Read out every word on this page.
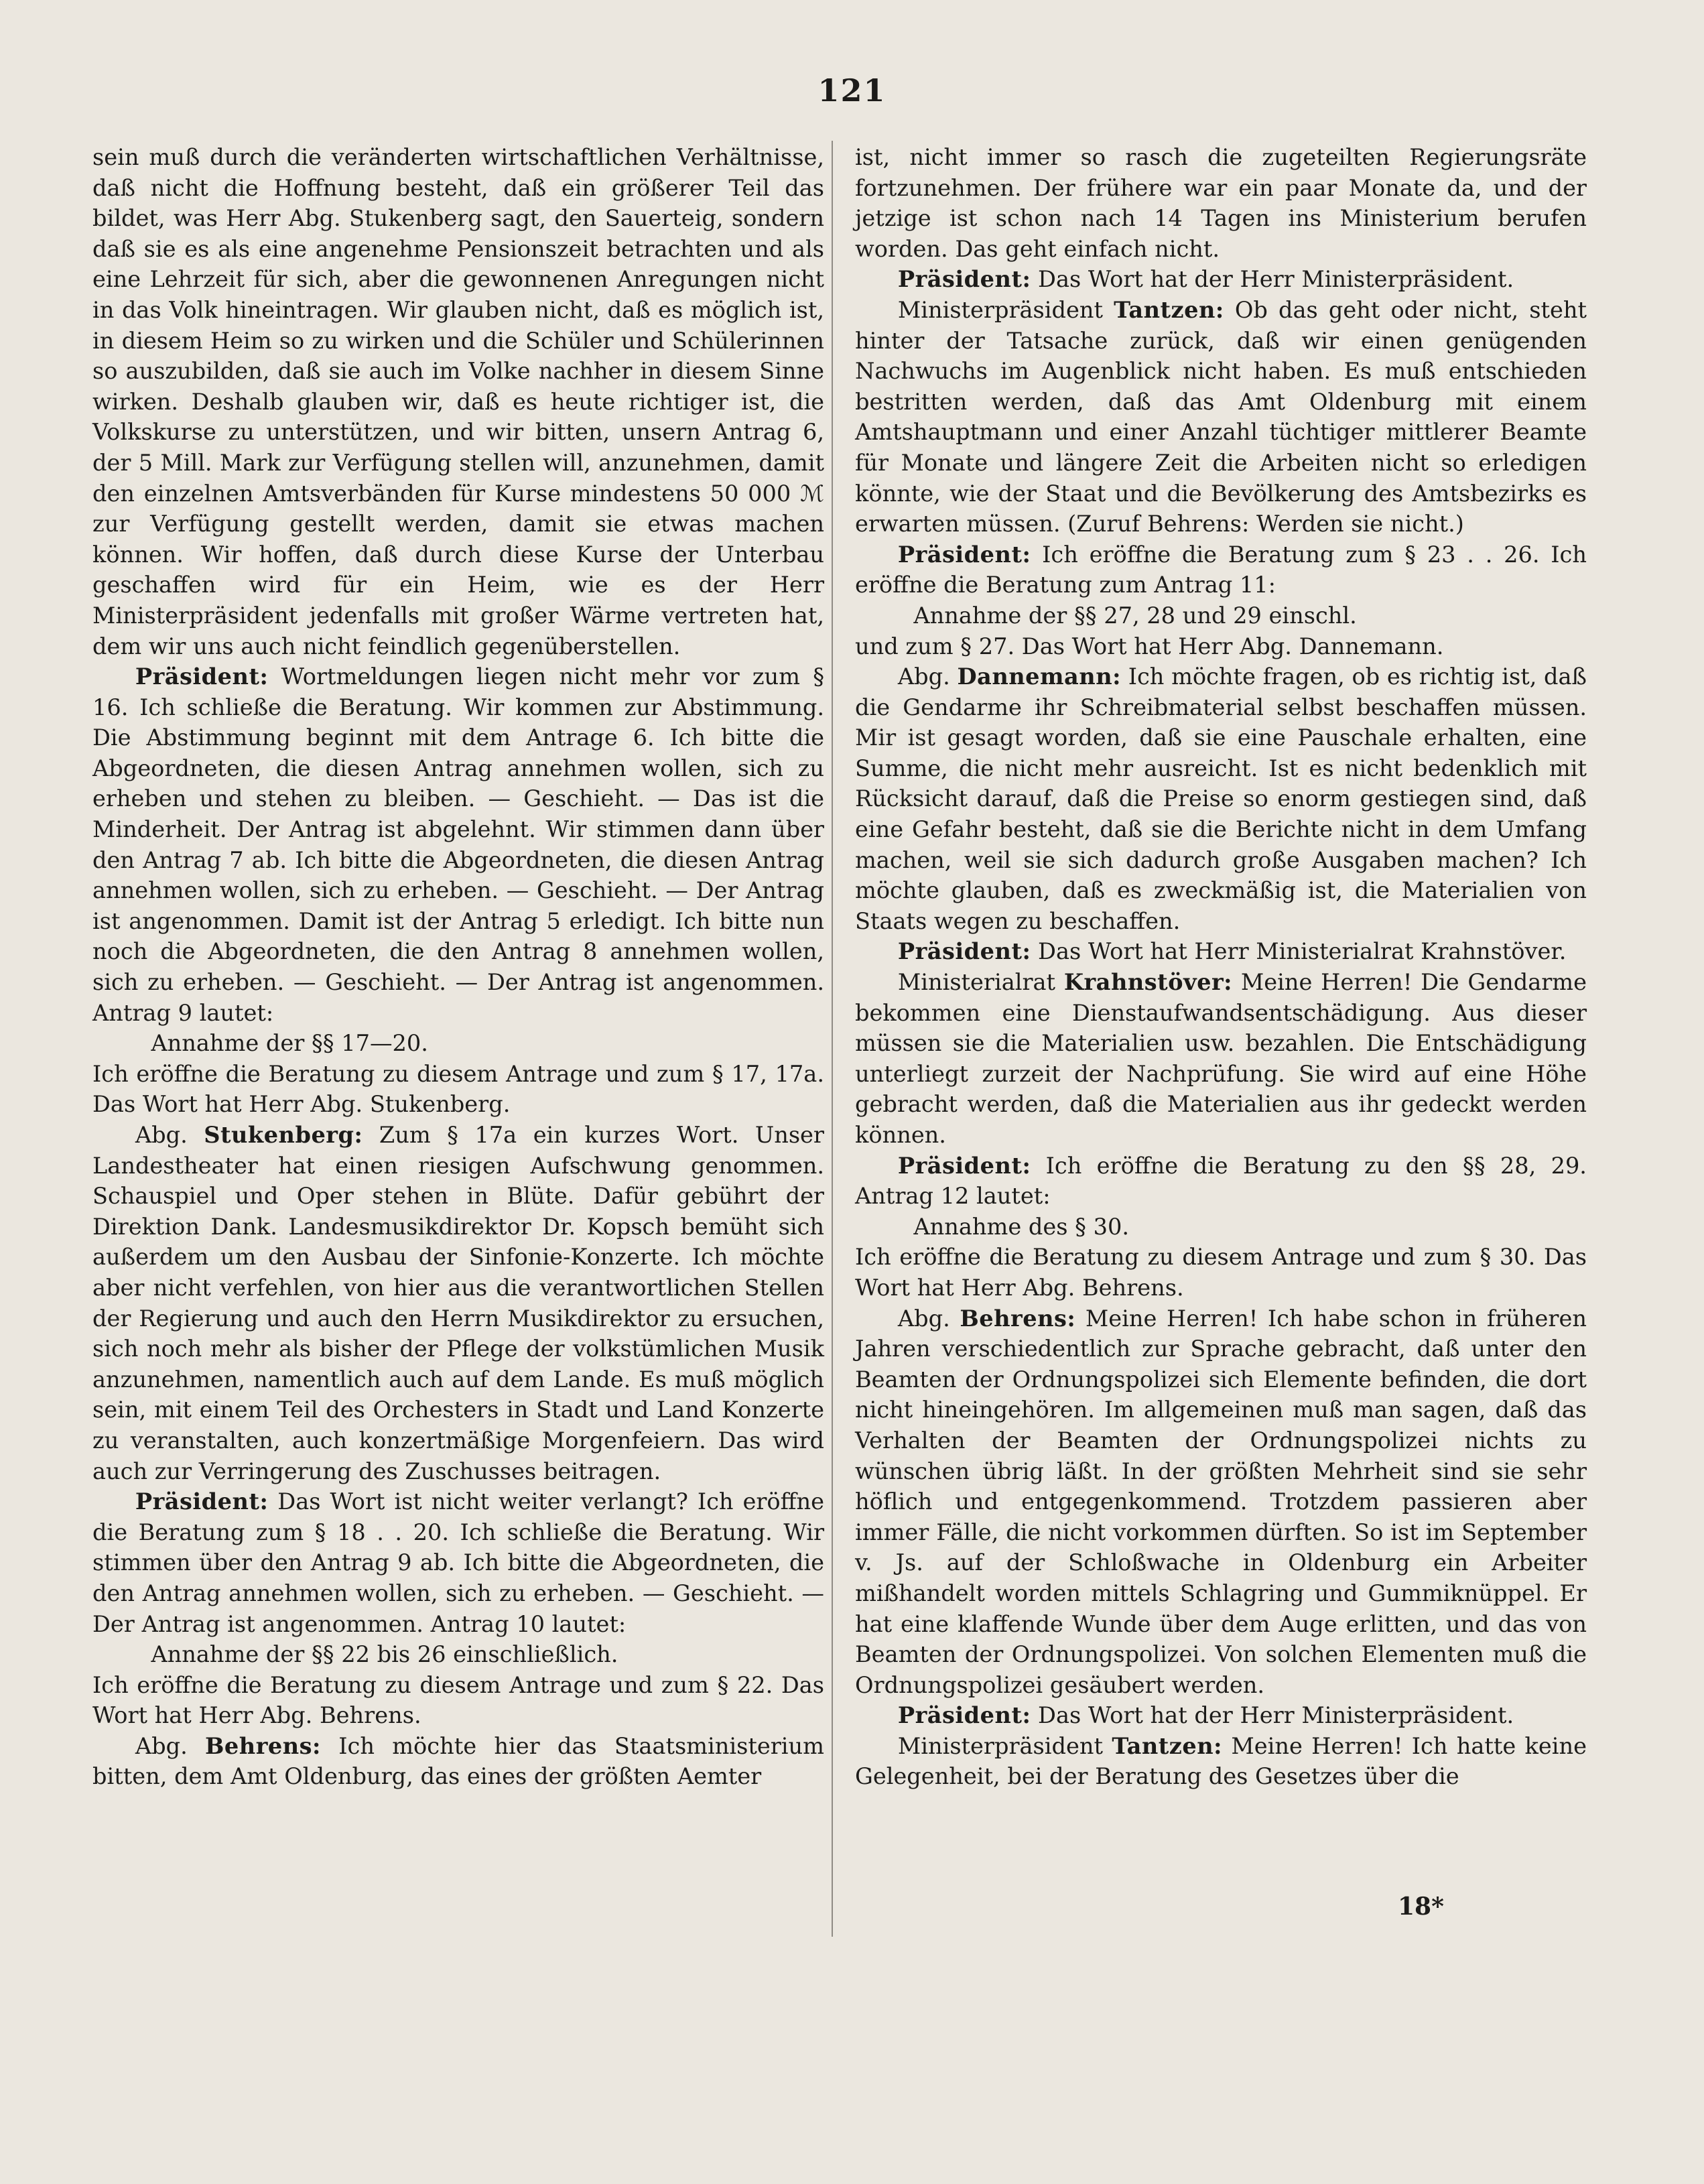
121

sein muß durch die veränderten wirtschaftlichen Verhältnisse, daß nicht die Hoffnung besteht, daß ein größerer Teil das bildet, was Herr Abg. Stukenberg sagt, den Sauerteig, sondern daß sie es als eine angenehme Pensionszeit betrachten und als eine Lehrzeit für sich, aber die gewonnenen Anregungen nicht in das Volk hineintragen. Wir glauben nicht, daß es möglich ist, in diesem Heim so zu wirken und die Schüler und Schülerinnen so auszubilden, daß sie auch im Volke nachher in diesem Sinne wirken. Deshalb glauben wir, daß es heute richtiger ist, die Volkskurse zu unterstützen, und wir bitten, unsern Antrag 6, der 5 Mill. Mark zur Verfügung stellen will, anzunehmen, damit den einzelnen Amtsverbänden für Kurse mindestens 50 000 ℳ zur Verfügung gestellt werden, damit sie etwas machen können. Wir hoffen, daß durch diese Kurse der Unterbau geschaffen wird für ein Heim, wie es der Herr Ministerpräsident jedenfalls mit großer Wärme vertreten hat, dem wir uns auch nicht feindlich gegenüberstellen.

Präsident: Wortmeldungen liegen nicht mehr vor zum § 16. Ich schließe die Beratung. Wir kommen zur Abstimmung. Die Abstimmung beginnt mit dem Antrage 6. Ich bitte die Abgeordneten, die diesen Antrag annehmen wollen, sich zu erheben und stehen zu bleiben. — Geschieht. — Das ist die Minderheit. Der Antrag ist abgelehnt. Wir stimmen dann über den Antrag 7 ab. Ich bitte die Abgeordneten, die diesen Antrag annehmen wollen, sich zu erheben. — Geschieht. — Der Antrag ist angenommen. Damit ist der Antrag 5 erledigt. Ich bitte nun noch die Abgeordneten, die den Antrag 8 annehmen wollen, sich zu erheben. — Geschieht. — Der Antrag ist angenommen. Antrag 9 lautet:

Annahme der §§ 17—20.

Ich eröffne die Beratung zu diesem Antrage und zum § 17, 17a. Das Wort hat Herr Abg. Stukenberg.

Abg. Stukenberg: Zum § 17a ein kurzes Wort. Unser Landestheater hat einen riesigen Aufschwung genommen. Schauspiel und Oper stehen in Blüte. Dafür gebührt der Direktion Dank. Landesmusikdirektor Dr. Kopsch bemüht sich außerdem um den Ausbau der Sinfonie-Konzerte. Ich möchte aber nicht verfehlen, von hier aus die verantwortlichen Stellen der Regierung und auch den Herrn Musikdirektor zu ersuchen, sich noch mehr als bisher der Pflege der volkstümlichen Musik anzunehmen, namentlich auch auf dem Lande. Es muß möglich sein, mit einem Teil des Orchesters in Stadt und Land Konzerte zu veranstalten, auch konzertmäßige Morgenfeiern. Das wird auch zur Verringerung des Zuschusses beitragen.

Präsident: Das Wort ist nicht weiter verlangt? Ich eröffne die Beratung zum § 18 . . 20. Ich schließe die Beratung. Wir stimmen über den Antrag 9 ab. Ich bitte die Abgeordneten, die den Antrag annehmen wollen, sich zu erheben. — Geschieht. — Der Antrag ist angenommen. Antrag 10 lautet:

Annahme der §§ 22 bis 26 einschließlich.

Ich eröffne die Beratung zu diesem Antrage und zum § 22. Das Wort hat Herr Abg. Behrens.

Abg. Behrens: Ich möchte hier das Staatsministerium bitten, dem Amt Oldenburg, das eines der größten Aemter

ist, nicht immer so rasch die zugeteilten Regierungsräte fortzunehmen. Der frühere war ein paar Monate da, und der jetzige ist schon nach 14 Tagen ins Ministerium berufen worden. Das geht einfach nicht.

Präsident: Das Wort hat der Herr Ministerpräsident.

Ministerpräsident Tantzen: Ob das geht oder nicht, steht hinter der Tatsache zurück, daß wir einen genügenden Nachwuchs im Augenblick nicht haben. Es muß entschieden bestritten werden, daß das Amt Oldenburg mit einem Amtshauptmann und einer Anzahl tüchtiger mittlerer Beamte für Monate und längere Zeit die Arbeiten nicht so erledigen könnte, wie der Staat und die Bevölkerung des Amtsbezirks es erwarten müssen. (Zuruf Behrens: Werden sie nicht.)

Präsident: Ich eröffne die Beratung zum § 23 . . 26. Ich eröffne die Beratung zum Antrag 11:

Annahme der §§ 27, 28 und 29 einschl.

und zum § 27. Das Wort hat Herr Abg. Dannemann.

Abg. Dannemann: Ich möchte fragen, ob es richtig ist, daß die Gendarme ihr Schreibmaterial selbst beschaffen müssen. Mir ist gesagt worden, daß sie eine Pauschale erhalten, eine Summe, die nicht mehr ausreicht. Ist es nicht bedenklich mit Rücksicht darauf, daß die Preise so enorm gestiegen sind, daß eine Gefahr besteht, daß sie die Berichte nicht in dem Umfang machen, weil sie sich dadurch große Ausgaben machen? Ich möchte glauben, daß es zweckmäßig ist, die Materialien von Staats wegen zu beschaffen.

Präsident: Das Wort hat Herr Ministerialrat Krahnstöver.

Ministerialrat Krahnstöver: Meine Herren! Die Gendarme bekommen eine Dienstaufwandsentschädigung. Aus dieser müssen sie die Materialien usw. bezahlen. Die Entschädigung unterliegt zurzeit der Nachprüfung. Sie wird auf eine Höhe gebracht werden, daß die Materialien aus ihr gedeckt werden können.

Präsident: Ich eröffne die Beratung zu den §§ 28, 29. Antrag 12 lautet:

Annahme des § 30.

Ich eröffne die Beratung zu diesem Antrage und zum § 30. Das Wort hat Herr Abg. Behrens.

Abg. Behrens: Meine Herren! Ich habe schon in früheren Jahren verschiedentlich zur Sprache gebracht, daß unter den Beamten der Ordnungspolizei sich Elemente befinden, die dort nicht hineingehören. Im allgemeinen muß man sagen, daß das Verhalten der Beamten der Ordnungspolizei nichts zu wünschen übrig läßt. In der größten Mehrheit sind sie sehr höflich und entgegenkommend. Trotzdem passieren aber immer Fälle, die nicht vorkommen dürften. So ist im September v. Js. auf der Schloßwache in Oldenburg ein Arbeiter mißhandelt worden mittels Schlagring und Gummiknüppel. Er hat eine klaffende Wunde über dem Auge erlitten, und das von Beamten der Ordnungspolizei. Von solchen Elementen muß die Ordnungspolizei gesäubert werden.

Präsident: Das Wort hat der Herr Ministerpräsident.

Ministerpräsident Tantzen: Meine Herren! Ich hatte keine Gelegenheit, bei der Beratung des Gesetzes über die

18*
